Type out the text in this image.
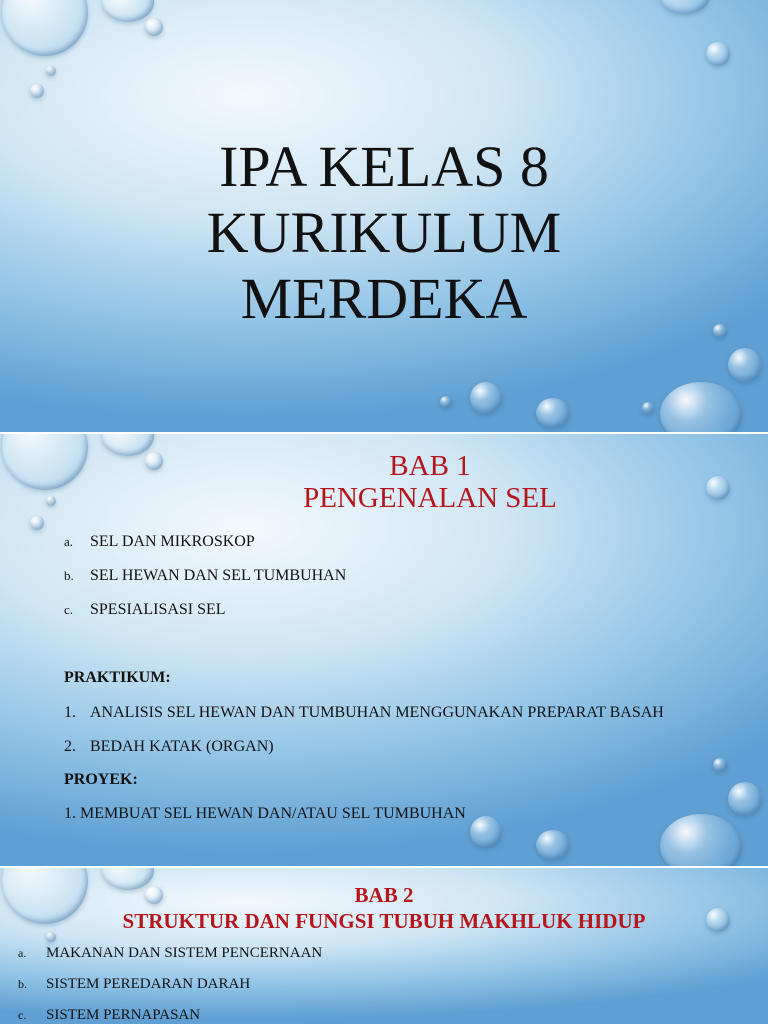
IPA KELAS 8
KURIKULUM
MERDEKA
BAB 1
PENGENALAN SEL
a. SEL DAN MIKROSKOP
b. SEL HEWAN DAN SEL TUMBUHAN
c. SPESIALISASI SEL
PRAKTIKUM:
1. ANALISIS SEL HEWAN DAN TUMBUHAN MENGGUNAKAN PREPARAT BASAH
2. BEDAH KATAK (ORGAN)
PROYEK:
1. MEMBUAT SEL HEWAN DAN/ATAU SEL TUMBUHAN
BAB 2
STRUKTUR DAN FUNGSI TUBUH MAKHLUK HIDUP
a. MAKANAN DAN SISTEM PENCERNAAN
b. SISTEM PEREDARAN DARAH
c. SISTEM PERNAPASAN
